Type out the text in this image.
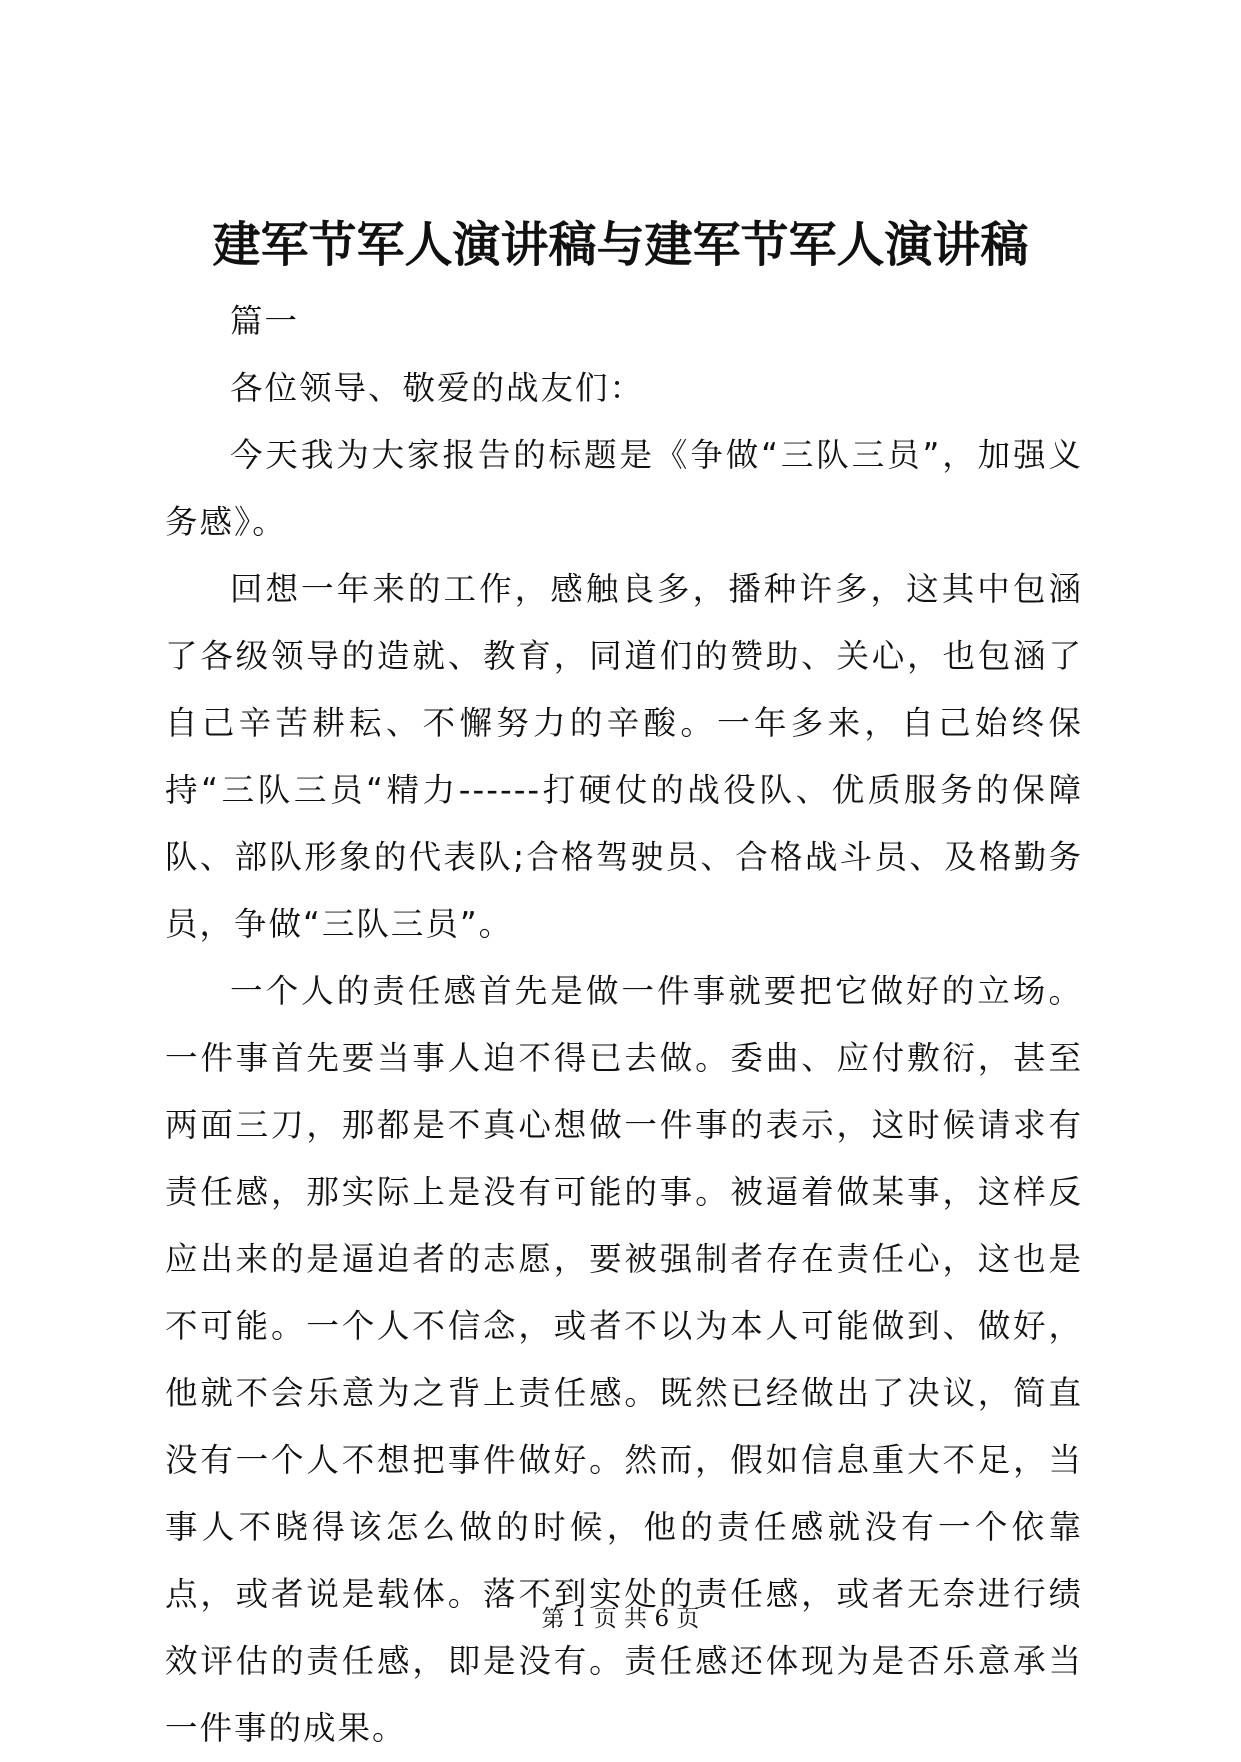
建军节军人演讲稿与建军节军人演讲稿

篇一

各位领导、敬爱的战友们：

今天我为大家报告的标题是《争做“三队三员”，加强义务感》。

回想一年来的工作，感触良多，播种许多，这其中包涵了各级领导的造就、教育，同道们的赞助、关心，也包涵了自己辛苦耕耘、不懈努力的辛酸。一年多来，自己始终保持“三队三员“精力------打硬仗的战役队、优质服务的保障队、部队形象的代表队;合格驾驶员、合格战斗员、及格勤务员，争做“三队三员”。

一个人的责任感首先是做一件事就要把它做好的立场。一件事首先要当事人迫不得已去做。委曲、应付敷衍，甚至两面三刀，那都是不真心想做一件事的表示，这时候请求有责任感，那实际上是没有可能的事。被逼着做某事，这样反应出来的是逼迫者的志愿，要被强制者存在责任心，这也是不可能。一个人不信念，或者不以为本人可能做到、做好，他就不会乐意为之背上责任感。既然已经做出了决议，简直没有一个人不想把事件做好。然而，假如信息重大不足，当事人不晓得该怎么做的时候，他的责任感就没有一个依靠点，或者说是载体。落不到实处的责任感，或者无奈进行绩效评估的责任感，即是没有。责任感还体现为是否乐意承当一件事的成果。

第 1 页 共 6 页
